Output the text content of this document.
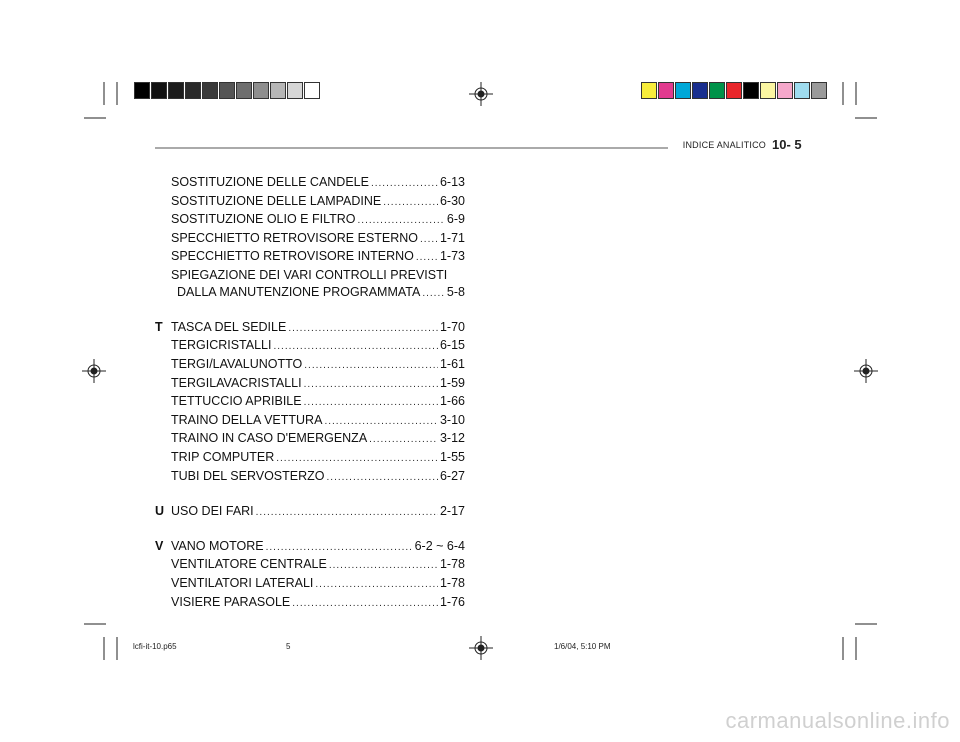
INDICE ANALITICO 10- 5
SOSTITUZIONE DELLE CANDELE .....	6-13
SOSTITUZIONE DELLE LAMPADINE .....	6-30
SOSTITUZIONE OLIO E FILTRO .....	6-9
SPECCHIETTO RETROVISORE ESTERNO ..... 1-71
SPECCHIETTO RETROVISORE INTERNO ..... 1-73
SPIEGAZIONE DEI VARI CONTROLLI PREVISTI
DALLA MANUTENZIONE PROGRAMMATA ..... 5-8
T TASCA DEL SEDILE .....	1-70
TERGICRISTALLI .....	6-15
TERGI/LAVALUNOTTO .....	1-61
TERGILAVACRISTALLI .....	1-59
TETTUCCIO APRIBILE .....	1-66
TRAINO DELLA VETTURA .....	3-10
TRAINO IN CASO D'EMERGENZA .....	3-12
TRIP COMPUTER .....	1-55
TUBI DEL SERVOSTERZO .....	6-27
U USO DEI FARI .....	2-17
V VANO MOTORE .....	6-2 ~ 6-4
VENTILATORE CENTRALE .....	1-78
VENTILATORI LATERALI .....	1-78
VISIERE PARASOLE .....	1-76
lcfi-it-10.p65	5	1/6/04, 5:10 PM
carmanualsonline.info
